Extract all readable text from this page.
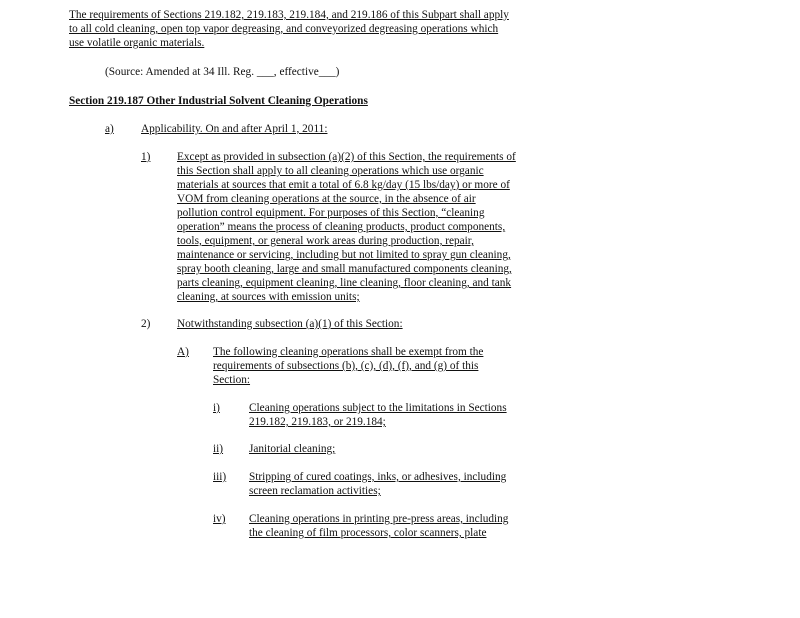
The requirements of Sections 219.182, 219.183, 219.184, and 219.186 of this Subpart shall apply
to all cold cleaning, open top vapor degreasing, and conveyorized degreasing operations which
use volatile organic materials.
(Source: Amended at 34 Ill. Reg. ___, effective___)
Section 219.187 Other Industrial Solvent Cleaning Operations
a) Applicability. On and after April 1, 2011:
1) Except as provided in subsection (a)(2) of this Section, the requirements of
this Section shall apply to all cleaning operations which use organic
materials at sources that emit a total of 6.8 kg/day (15 lbs/day) or more of
VOM from cleaning operations at the source, in the absence of air
pollution control equipment. For purposes of this Section, “cleaning
operation” means the process of cleaning products, product components,
tools, equipment, or general work areas during production, repair,
maintenance or servicing, including but not limited to spray gun cleaning,
spray booth cleaning, large and small manufactured components cleaning,
parts cleaning, equipment cleaning, line cleaning, floor cleaning, and tank
cleaning, at sources with emission units;
2) Notwithstanding subsection (a)(1) of this Section:
A) The following cleaning operations shall be exempt from the
requirements of subsections (b), (c), (d), (f), and (g) of this
Section:
i)	Cleaning operations subject to the limitations in Sections
219.182, 219.183, or 219.184;
ii) Janitorial cleaning;
iii) Stripping of cured coatings, inks, or adhesives, including
screen reclamation activities;
iv) Cleaning operations in printing pre-press areas, including
the cleaning of film processors, color scanners, plate
